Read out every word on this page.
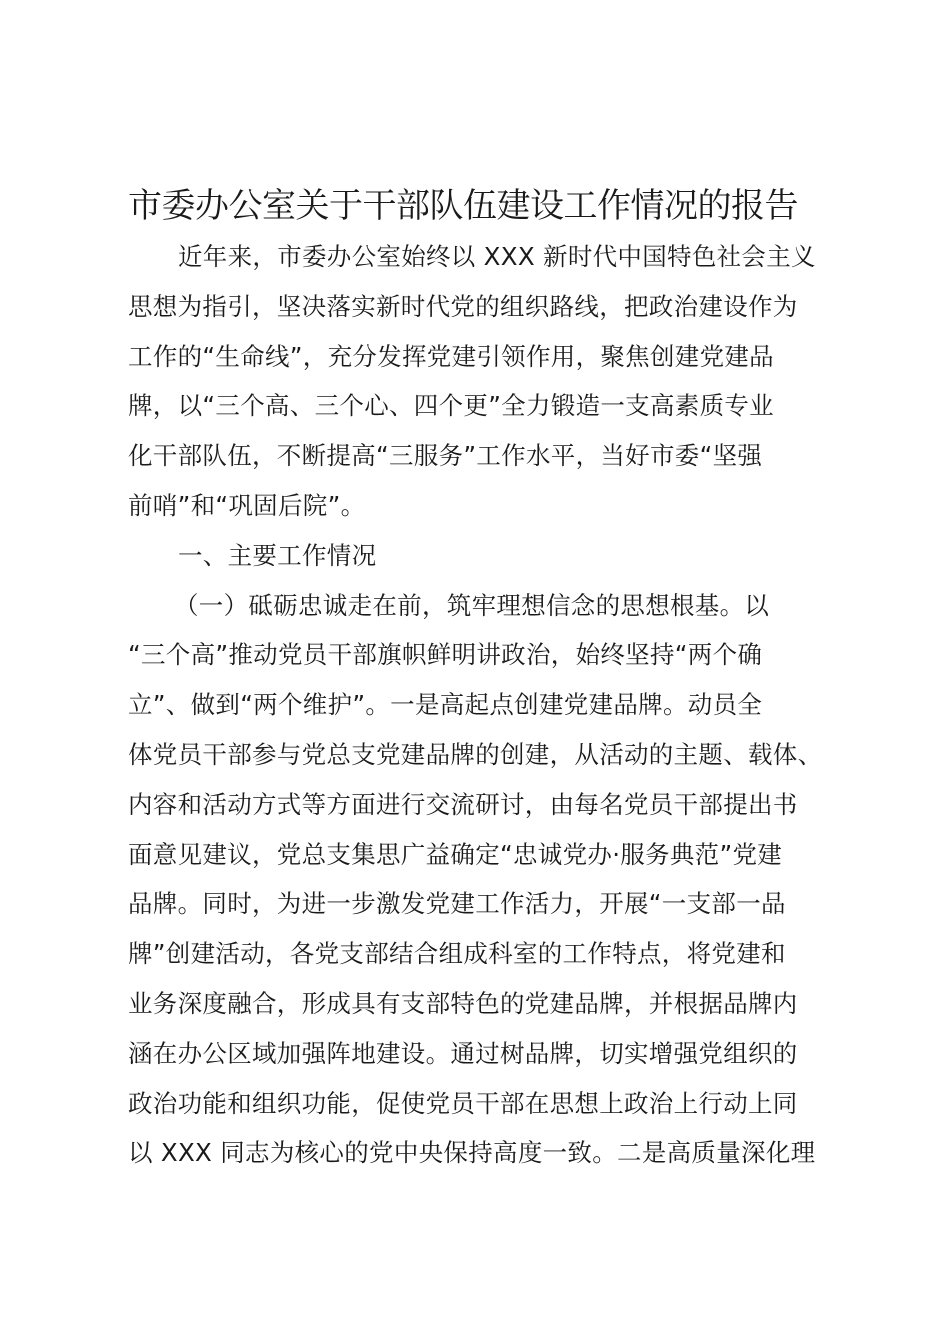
市委办公室关于干部队伍建设工作情况的报告
近年来，市委办公室始终以 XXX 新时代中国特色社会主义
思想为指引，坚决落实新时代党的组织路线，把政治建设作为
工作的“生命线”，充分发挥党建引领作用，聚焦创建党建品
牌，以“三个高、三个心、四个更”全力锻造一支高素质专业
化干部队伍，不断提高“三服务”工作水平，当好市委“坚强
前哨”和“巩固后院”。
一、主要工作情况
（一）砥砺忠诚走在前，筑牢理想信念的思想根基。以
“三个高”推动党员干部旗帜鲜明讲政治，始终坚持“两个确
立”、做到“两个维护”。一是高起点创建党建品牌。动员全
体党员干部参与党总支党建品牌的创建，从活动的主题、载体、
内容和活动方式等方面进行交流研讨，由每名党员干部提出书
面意见建议，党总支集思广益确定“忠诚党办·服务典范”党建
品牌。同时，为进一步激发党建工作活力，开展“一支部一品
牌”创建活动，各党支部结合组成科室的工作特点，将党建和
业务深度融合，形成具有支部特色的党建品牌，并根据品牌内
涵在办公区域加强阵地建设。通过树品牌，切实增强党组织的
政治功能和组织功能，促使党员干部在思想上政治上行动上同
以 XXX 同志为核心的党中央保持高度一致。二是高质量深化理
